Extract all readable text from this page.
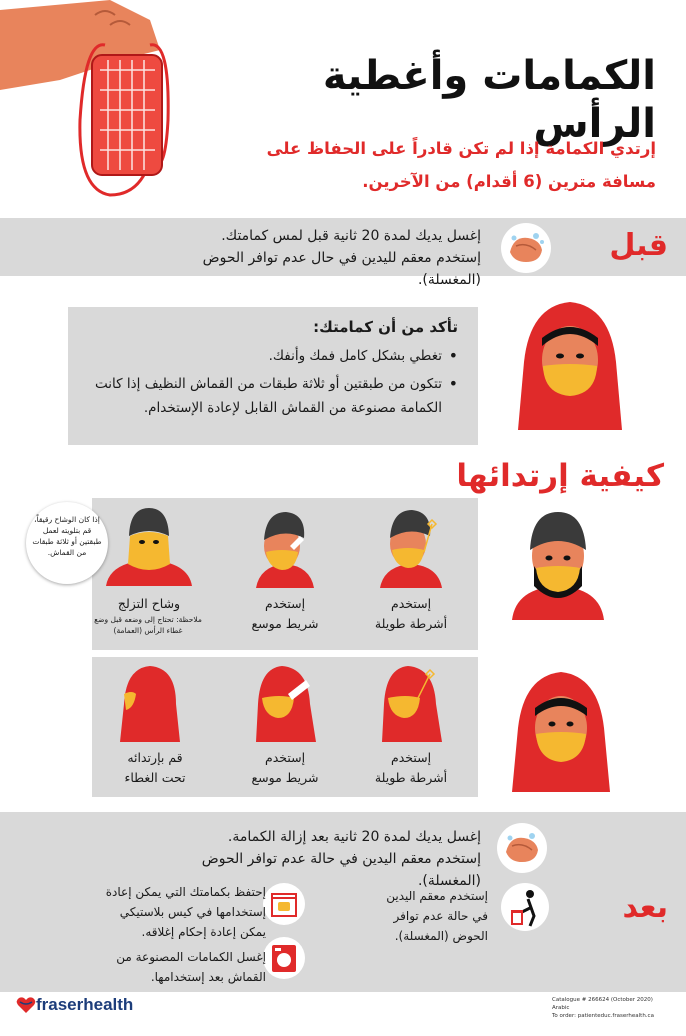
الكمامات وأغطية الرأس

إرتدي الكمامة إذا لم تكن قادراً على الحفاظ على مسافة مترين (6 أقدام) من الآخرين.

قبل
إغسل يديك لمدة 20 ثانية قبل لمس كمامتك.
إستخدم معقم لليدين في حال عدم توافر الحوض (المغسلة).
تأكد من أن كمامتك:
• تغطي بشكل كامل فمك وأنفك.
• تتكون من طبقتين أو ثلاثة طبقات من القماش النظيف إذا كانت الكمامة مصنوعة من القماش القابل لإعادة الإستخدام.
كيفية إرتدائها
إذا كان الوشاح رقيقاً، قم بتلويته لعمل طبقتين أو ثلاثة طبقات من القماش.
إستخدم
أشرطة طويلة
إستخدم
شريط موسع
وشاح التزلج
ملاحظة: تحتاج إلى وضعه قبل وضع غطاء الرأس (العمامة)
إستخدم
أشرطة طويلة
إستخدم
شريط موسع
قم بإرتدائه
تحت الغطاء
بعد
إغسل يديك لمدة 20 ثانية بعد إزالة الكمامة.
إستخدم معقم اليدين في حالة عدم توافر الحوض (المغسلة).
إستخدم معقم اليدين في حالة عدم توافر الحوض (المغسلة).
إحتفظ بكمامتك التي يمكن إعادة إستخدامها في كيس بلاستيكي يمكن إعادة إحكام إغلاقه.
إغسل الكمامات المصنوعة من القماش بعد إستخدامها.
fraserhealth	Catalogue # 266624 (October 2020) Arabic
To order: patienteduc.fraserhealth.ca
